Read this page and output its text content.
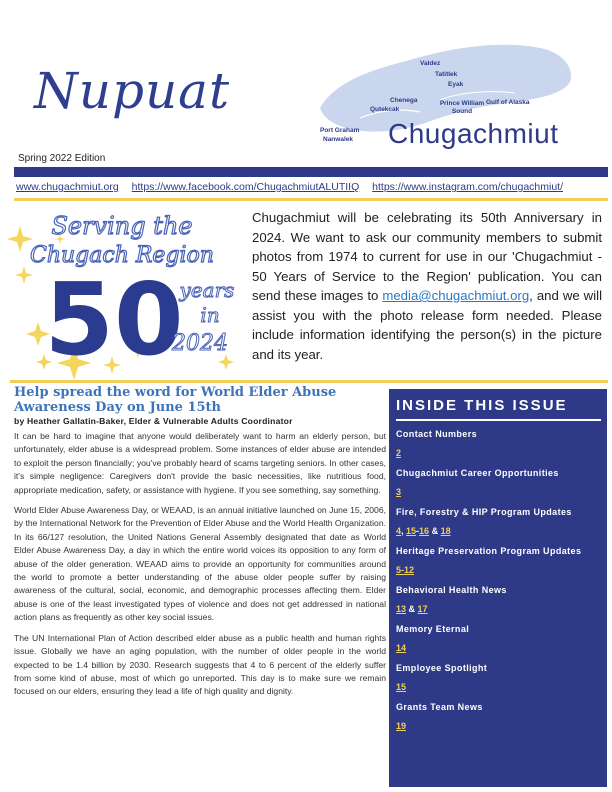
Nupuat	Valdez
Tatitlek
Eyak
Chenega
Qutekcak
Prince William Sound
Gulf of Alaska
Port Graham
Nanwalek Chugachmiut
Spring 2022 Edition
www.chugachmiut.org https://www.facebook.com/ChugachmiutALUTIIQ https://www.instagram.com/chugachmiut/
Serving the
Chugach Region
50
years
in
2024
Chugachmiut will be celebrating its 50th Anniversary in 2024. We want to ask our community members to submit photos from 1974 to current for use in our 'Chugachmiut - 50 Years of Service to the Region' publication. You can send these images to media@chugachmiut.org, and we will assist you with the photo release form needed. Please include information identifying the person(s) in the picture and its year.
Help spread the word for World Elder Abuse Awareness Day on June 15th
by Heather Gallatin-Baker, Elder & Vulnerable Adults Coordinator

It can be hard to imagine that anyone would deliberately want to harm an elderly person, but unfortunately, elder abuse is a widespread problem. Some instances of elder abuse are intended to exploit the person financially; you've probably heard of scams targeting seniors. In other cases, it's simple negligence: Caregivers don't provide the basic necessities, like nutritious food, appropriate medication, safety, or assistance with hygiene. If you see something, say something.

World Elder Abuse Awareness Day, or WEAAD, is an annual initiative launched on June 15, 2006, by the International Network for the Prevention of Elder Abuse and the World Health Organization. In its 66/127 resolution, the United Nations General Assembly designated that date as World Elder Abuse Awareness Day, a day in which the entire world voices its opposition to any form of abuse of the older generation. WEAAD aims to provide an opportunity for communities around the world to promote a better understanding of the abuse older people suffer by raising awareness of the cultural, social, economic, and demographic processes affecting them. Elder abuse is one of the least investigated types of violence and does not get addressed in national action plans as frequently as other key social issues.

The UN International Plan of Action described elder abuse as a public health and human rights issue. Globally we have an aging population, with the number of older people in the world expected to be 1.4 billion by 2030. Research suggests that 4 to 6 percent of the elderly suffer from some kind of abuse, most of which go unreported. This day is to make sure we remain focused on our elders, ensuring they lead a life of high quality and dignity.

INSIDE THIS ISSUE
Contact Numbers
2
Chugachmiut Career Opportunities
3
Fire, Forestry & HIP Program Updates
4, 15-16 & 18
Heritage Preservation Program Updates
5-12
Behavioral Health News
13 & 17
Memory Eternal
14
Employee Spotlight
15
Grants Team News
19
